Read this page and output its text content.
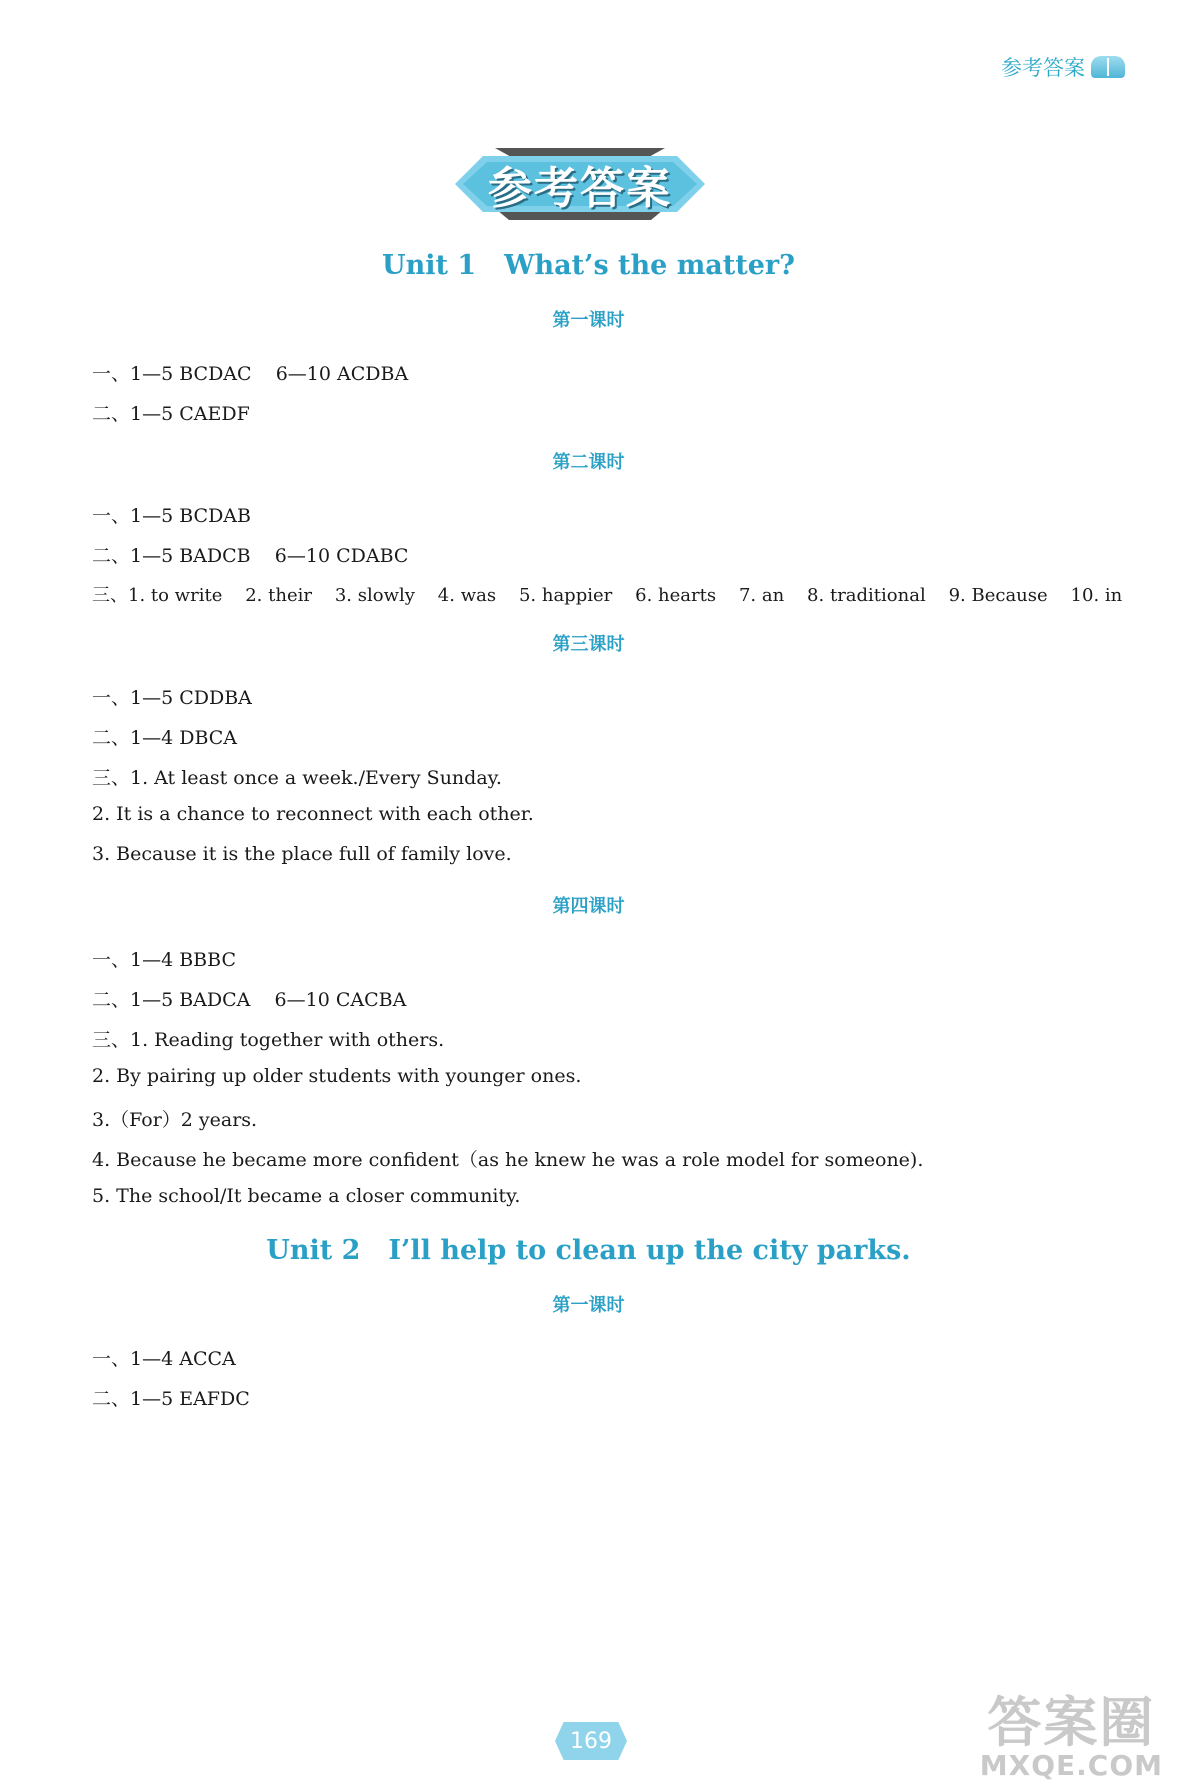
参考答案
参考答案
Unit 1 What’s the matter?
第一课时
一、1—5 BCDAC    6—10 ACDBA
二、1—5 CAEDF
第二课时
一、1—5 BCDAB
二、1—5 BADCB    6—10 CDABC
三、1. to write    2. their    3. slowly    4. was    5. happier    6. hearts    7. an    8. traditional    9. Because    10. in
第三课时
一、1—5 CDDBA
二、1—4 DBCA
三、1. At least once a week./Every Sunday.
2. It is a chance to reconnect with each other.
3. Because it is the place full of family love.
第四课时
一、1—4 BBBC
二、1—5 BADCA    6—10 CACBA
三、1. Reading together with others.
2. By pairing up older students with younger ones.
3.（For）2 years.
4. Because he became more confident（as he knew he was a role model for someone).
5. The school/It became a closer community.
Unit 2 I’ll help to clean up the city parks.
第一课时
一、1—4 ACCA
二、1—5 EAFDC
169	答案圈
MXQE.COM
